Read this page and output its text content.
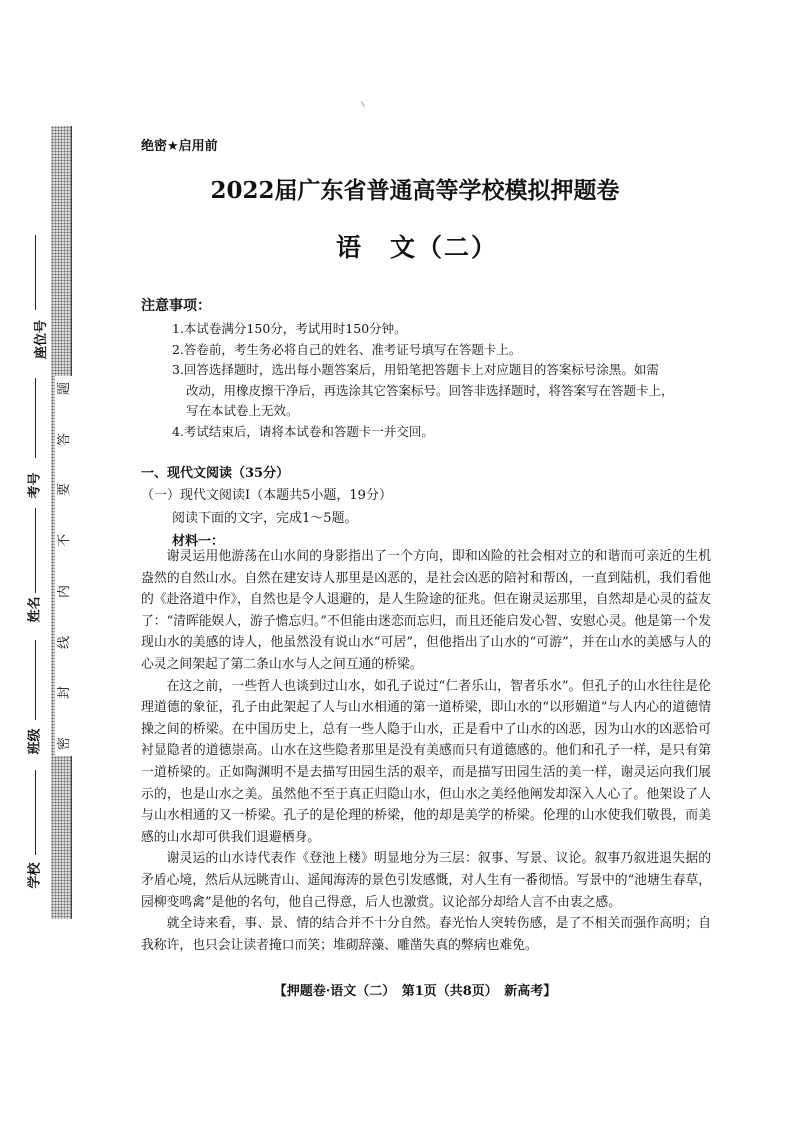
题
答
要
不
内
线
封
密
座位号
考号
姓名
班级
学校
绝密★启用前
2022届广东省普通高等学校模拟押题卷
语　文（二）
注意事项：

1.本试卷满分150分，考试用时150分钟。

2.答卷前，考生务必将自己的姓名、准考证号填写在答题卡上。

3.回答选择题时，选出每小题答案后，用铅笔把答题卡上对应题目的答案标号涂黑。如需

改动，用橡皮擦干净后，再选涂其它答案标号。回答非选择题时，将答案写在答题卡上，

写在本试卷上无效。

4.考试结束后，请将本试卷和答题卡一并交回。

一、现代文阅读（35分）
（一）现代文阅读Ⅰ（本题共5小题，19分）
阅读下面的文字，完成1～5题。
材料一：

谢灵运用他游荡在山水间的身影指出了一个方向，即和凶险的社会相对立的和谐而可亲近的生机盎然的自然山水。自然在建安诗人那里是凶恶的，是社会凶恶的陪衬和帮凶，一直到陆机，我们看他的《赴洛道中作》，自然也是令人退避的，是人生险途的征兆。但在谢灵运那里，自然却是心灵的益友了：“清晖能娱人，游子憺忘归。”不但能由迷恋而忘归，而且还能启发心智、安慰心灵。他是第一个发现山水的美感的诗人，他虽然没有说山水“可居”，但他指出了山水的“可游”，并在山水的美感与人的心灵之间架起了第二条山水与人之间互通的桥梁。

在这之前，一些哲人也谈到过山水，如孔子说过“仁者乐山，智者乐水”。但孔子的山水往往是伦理道德的象征，孔子由此架起了人与山水相通的第一道桥梁，即山水的“以形媚道”与人内心的道德情操之间的桥梁。在中国历史上，总有一些人隐于山水，正是看中了山水的凶恶，因为山水的凶恶恰可衬显隐者的道德崇高。山水在这些隐者那里是没有美感而只有道德感的。他们和孔子一样，是只有第一道桥梁的。正如陶渊明不是去描写田园生活的艰辛，而是描写田园生活的美一样，谢灵运向我们展示的，也是山水之美。虽然他不至于真正归隐山水，但山水之美经他阐发却深入人心了。他架设了人与山水相通的又一桥梁。孔子的是伦理的桥梁，他的却是美学的桥梁。伦理的山水使我们敬畏，而美感的山水却可供我们退避栖身。

谢灵运的山水诗代表作《登池上楼》明显地分为三层：叙事、写景、议论。叙事乃叙进退失据的矛盾心境，然后从远眺青山、遥闻海涛的景色引发感慨，对人生有一番彻悟。写景中的“池塘生春草，园柳变鸣禽”是他的名句，他自己得意，后人也激赏。议论部分却给人言不由衷之感。

就全诗来看，事、景、情的结合并不十分自然。春光怡人突转伤感，是了不相关而强作高明；自我称许，也只会让读者掩口而笑；堆砌辞藻、雕凿失真的弊病也难免。

【押题卷·语文（二）　第1页（共8页）　新高考】
